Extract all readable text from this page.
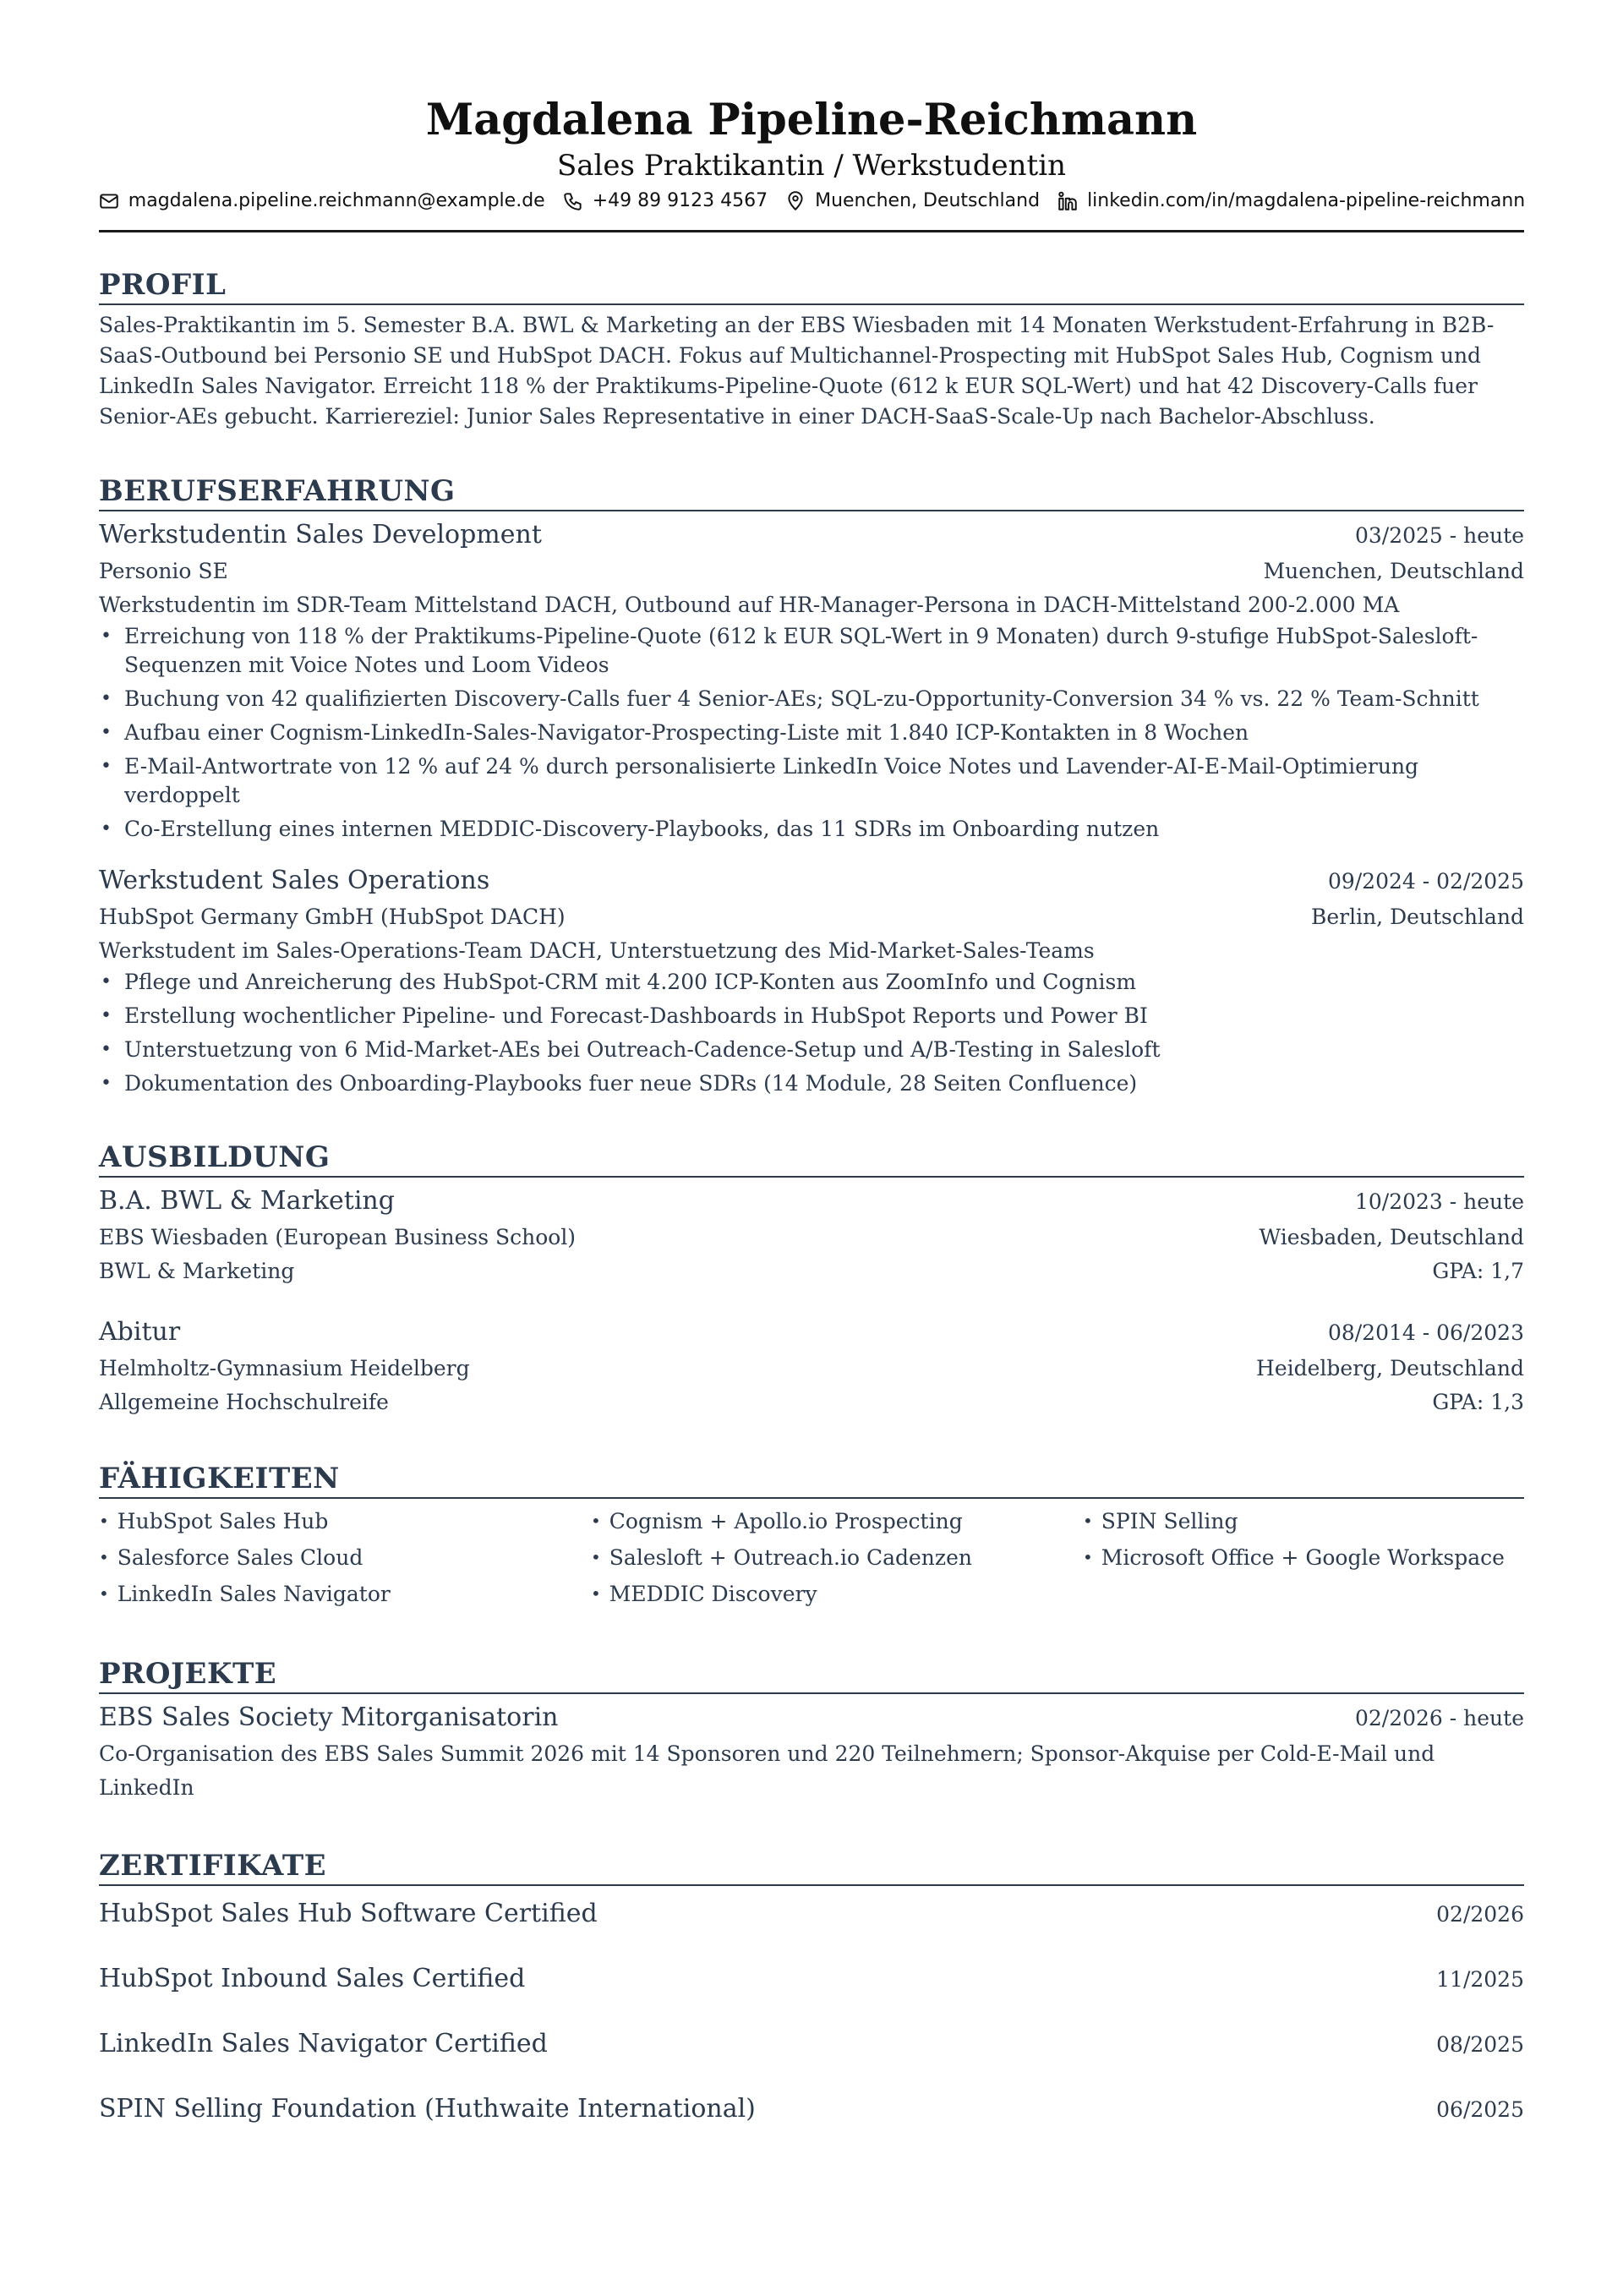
Magdalena Pipeline-Reichmann
Sales Praktikantin / Werkstudentin
magdalena.pipeline.reichmann@example.de	+49 89 9123 4567	Muenchen, Deutschland	linkedin.com/in/magdalena-pipeline-reichmann
PROFIL

Sales-Praktikantin im 5. Semester B.A. BWL & Marketing an der EBS Wiesbaden mit 14 Monaten Werkstudent-Erfahrung in B2B-SaaS-Outbound bei Personio SE und HubSpot DACH. Fokus auf Multichannel-Prospecting mit HubSpot Sales Hub, Cognism und LinkedIn Sales Navigator. Erreicht 118 % der Praktikums-Pipeline-Quote (612 k EUR SQL-Wert) und hat 42 Discovery-Calls fuer Senior-AEs gebucht. Karriereziel: Junior Sales Representative in einer DACH-SaaS-Scale-Up nach Bachelor-Abschluss.

BERUFSERFAHRUNG
Werkstudentin Sales Development	03/2025 - heute
Personio SE	Muenchen, Deutschland
Werkstudentin im SDR-Team Mittelstand DACH, Outbound auf HR-Manager-Persona in DACH-Mittelstand 200-2.000 MA
• Erreichung von 118 % der Praktikums-Pipeline-Quote (612 k EUR SQL-Wert in 9 Monaten) durch 9-stufige HubSpot-Salesloft-Sequenzen mit Voice Notes und Loom Videos
• Buchung von 42 qualifizierten Discovery-Calls fuer 4 Senior-AEs; SQL-zu-Opportunity-Conversion 34 % vs. 22 % Team-Schnitt
• Aufbau einer Cognism-LinkedIn-Sales-Navigator-Prospecting-Liste mit 1.840 ICP-Kontakten in 8 Wochen
• E-Mail-Antwortrate von 12 % auf 24 % durch personalisierte LinkedIn Voice Notes und Lavender-AI-E-Mail-Optimierung verdoppelt
• Co-Erstellung eines internen MEDDIC-Discovery-Playbooks, das 11 SDRs im Onboarding nutzen
Werkstudent Sales Operations	09/2024 - 02/2025
HubSpot Germany GmbH (HubSpot DACH)	Berlin, Deutschland
Werkstudent im Sales-Operations-Team DACH, Unterstuetzung des Mid-Market-Sales-Teams
• Pflege und Anreicherung des HubSpot-CRM mit 4.200 ICP-Konten aus ZoomInfo und Cognism
• Erstellung wochentlicher Pipeline- und Forecast-Dashboards in HubSpot Reports und Power BI
• Unterstuetzung von 6 Mid-Market-AEs bei Outreach-Cadence-Setup und A/B-Testing in Salesloft
• Dokumentation des Onboarding-Playbooks fuer neue SDRs (14 Module, 28 Seiten Confluence)
AUSBILDUNG
B.A. BWL & Marketing	10/2023 - heute
EBS Wiesbaden (European Business School)	Wiesbaden, Deutschland
BWL & Marketing	GPA: 1,7
Abitur	08/2014 - 06/2023
Helmholtz-Gymnasium Heidelberg	Heidelberg, Deutschland
Allgemeine Hochschulreife	GPA: 1,3
FÄHIGKEITEN
• HubSpot Sales Hub	• Cognism + Apollo.io Prospecting	• SPIN Selling
• Salesforce Sales Cloud	• Salesloft + Outreach.io Cadenzen	• Microsoft Office + Google Workspace
• LinkedIn Sales Navigator	• MEDDIC Discovery
PROJEKTE
EBS Sales Society Mitorganisatorin	02/2026 - heute
Co-Organisation des EBS Sales Summit 2026 mit 14 Sponsoren und 220 Teilnehmern; Sponsor-Akquise per Cold-E-Mail und LinkedIn
ZERTIFIKATE
HubSpot Sales Hub Software Certified	02/2026
HubSpot Inbound Sales Certified	11/2025
LinkedIn Sales Navigator Certified	08/2025
SPIN Selling Foundation (Huthwaite International)	06/2025
